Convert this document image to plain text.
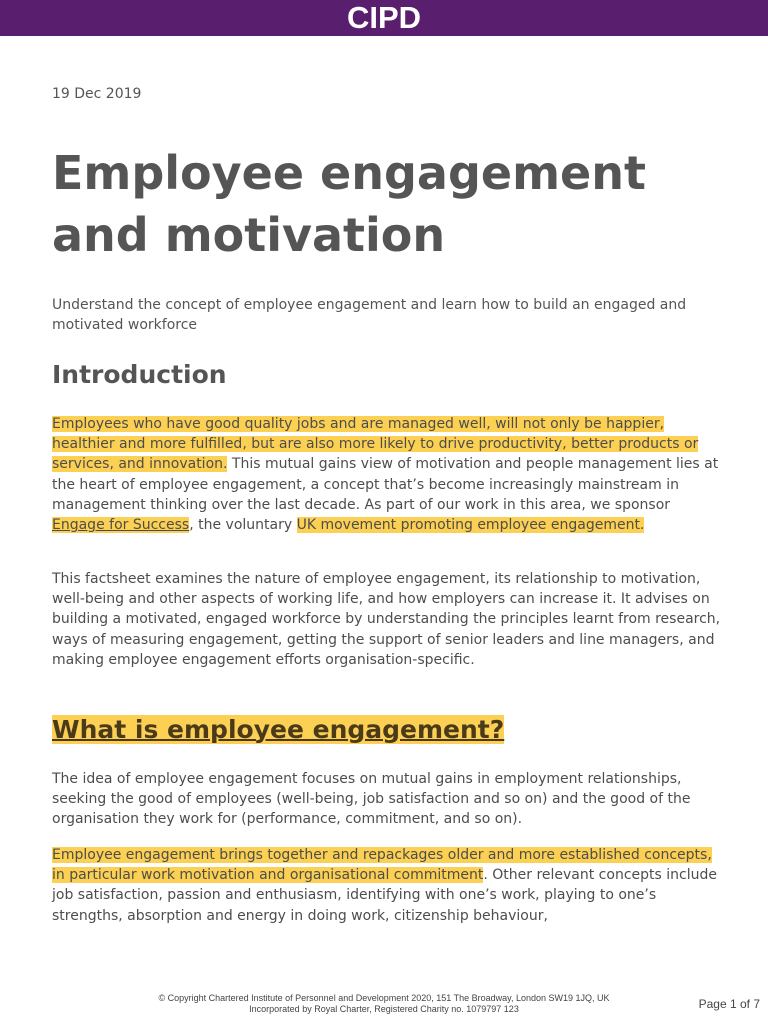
CIPD
19 Dec 2019
Employee engagement and motivation
Understand the concept of employee engagement and learn how to build an engaged and motivated workforce
Introduction
Employees who have good quality jobs and are managed well, will not only be happier, healthier and more fulfilled, but are also more likely to drive productivity, better products or services, and innovation. This mutual gains view of motivation and people management lies at the heart of employee engagement, a concept that’s become increasingly mainstream in management thinking over the last decade. As part of our work in this area, we sponsor Engage for Success, the voluntary UK movement promoting employee engagement.
This factsheet examines the nature of employee engagement, its relationship to motivation, well-being and other aspects of working life, and how employers can increase it. It advises on building a motivated, engaged workforce by understanding the principles learnt from research, ways of measuring engagement, getting the support of senior leaders and line managers, and making employee engagement efforts organisation-specific.
What is employee engagement?
The idea of employee engagement focuses on mutual gains in employment relationships, seeking the good of employees (well-being, job satisfaction and so on) and the good of the organisation they work for (performance, commitment, and so on).
Employee engagement brings together and repackages older and more established concepts, in particular work motivation and organisational commitment. Other relevant concepts include job satisfaction, passion and enthusiasm, identifying with one’s work, playing to one’s strengths, absorption and energy in doing work, citizenship behaviour,
© Copyright Chartered Institute of Personnel and Development 2020, 151 The Broadway, London SW19 1JQ, UK
Incorporated by Royal Charter, Registered Charity no. 1079797 123	Page 1 of 7
